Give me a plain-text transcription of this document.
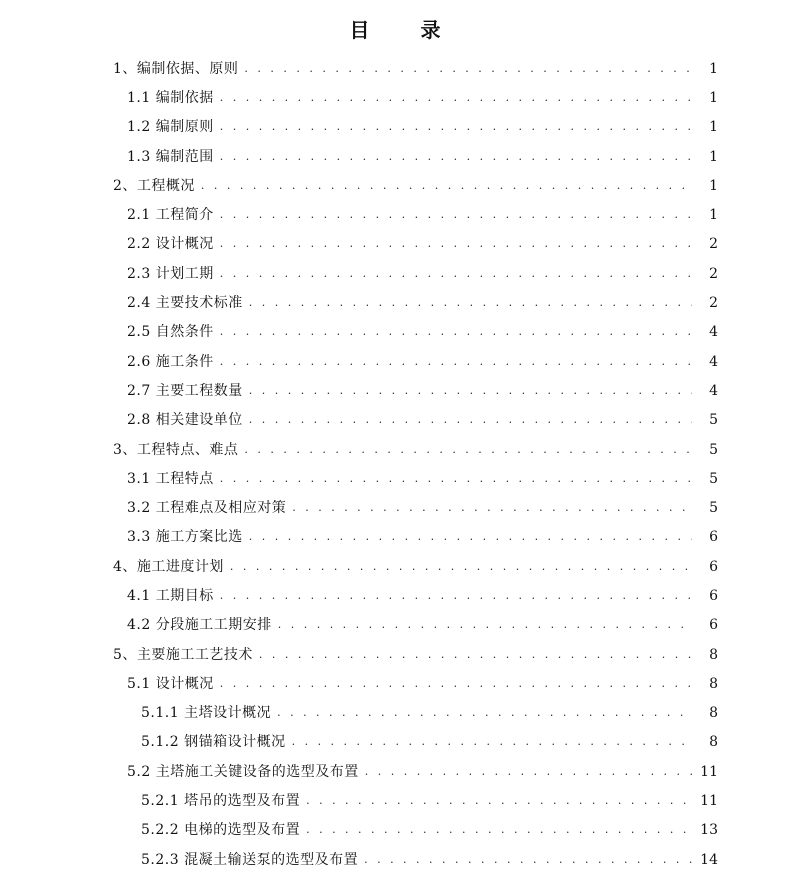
目 录
1、编制依据、原则 . . .	1
1.1 编制依据 . . .	1
1.2 编制原则 . . .	1
1.3 编制范围 . . .	1
2、工程概况 . . .	1
2.1 工程简介 . . .	1
2.2 设计概况 . . .	2
2.3 计划工期 . . .	2
2.4 主要技术标准 . . .	2
2.5 自然条件 . . .	4
2.6 施工条件 . . .	4
2.7 主要工程数量 . . .	4
2.8 相关建设单位 . . .	5
3、工程特点、难点 . . .	5
3.1 工程特点 . . .	5
3.2 工程难点及相应对策 . . .	5
3.3 施工方案比选 . . .	6
4、施工进度计划 . . .	6
4.1 工期目标 . . .	6
4.2 分段施工工期安排 . . .	6
5、主要施工工艺技术 . . .	8
5.1 设计概况 . . .	8
5.1.1 主塔设计概况 . . .	8
5.1.2 钢锚箱设计概况 . . .	8
5.2 主塔施工关键设备的选型及布置 . . .	11
5.2.1 塔吊的选型及布置 . . .	11
5.2.2 电梯的选型及布置 . . .	13
5.2.3 混凝土输送泵的选型及布置 . . .	14
